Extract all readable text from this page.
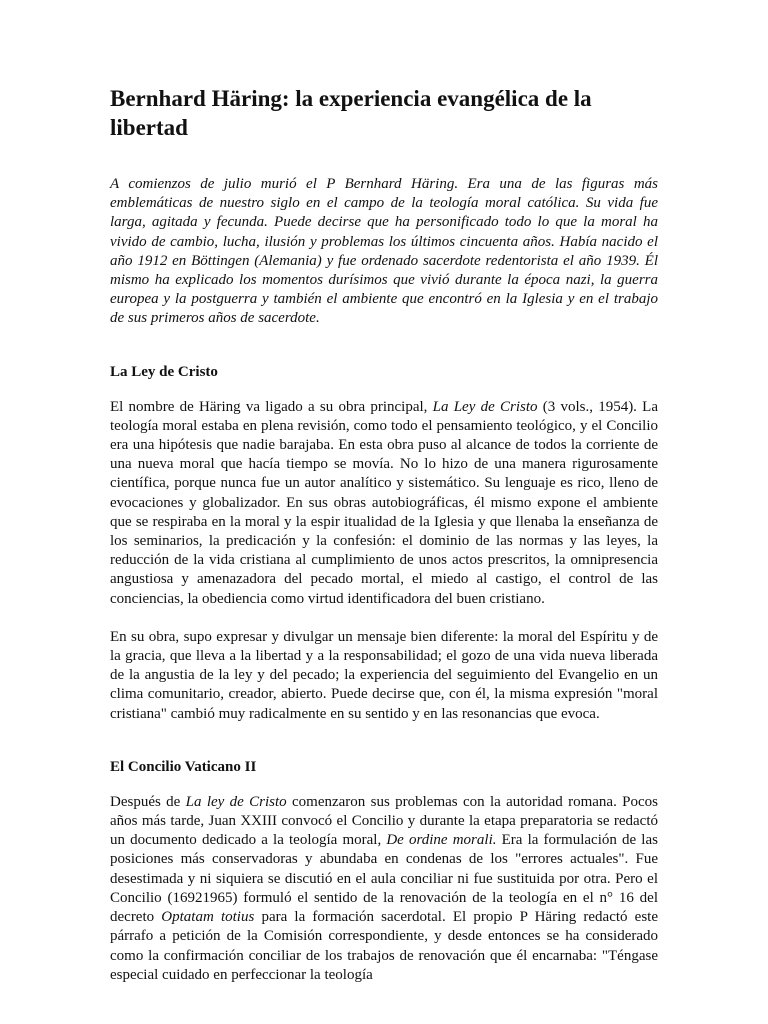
Bernhard Häring: la experiencia evangélica de la libertad

A comienzos de julio murió el P Bernhard Häring. Era una de las figuras más emblemáticas de nuestro siglo en el campo de la teología moral católica. Su vida fue larga, agitada y fecunda. Puede decirse que ha personificado todo lo que la moral ha vivido de cambio, lucha, ilusión y problemas los últimos cincuenta años. Había nacido el año 1912 en Böttingen (Alemania) y fue ordenado sacerdote redentorista el año 1939. Él mismo ha explicado los momentos durísimos que vivió durante la época nazi, la guerra europea y la postguerra y también el ambiente que encontró en la Iglesia y en el trabajo de sus primeros años de sacerdote.

La Ley de Cristo

El nombre de Häring va ligado a su obra principal, La Ley de Cristo (3 vols., 1954). La teología moral estaba en plena revisión, como todo el pensamiento teológico, y el Concilio era una hipótesis que nadie barajaba. En esta obra puso al alcance de todos la corriente de una nueva moral que hacía tiempo se movía. No lo hizo de una manera rigurosamente científica, porque nunca fue un autor analítico y sistemático. Su lenguaje es rico, lleno de evocaciones y globalizador. En sus obras autobiográficas, él mismo expone el ambiente que se respiraba en la moral y la espir itualidad de la Iglesia y que llenaba la enseñanza de los seminarios, la predicación y la confesión: el dominio de las normas y las leyes, la reducción de la vida cristiana al cumplimiento de unos actos prescritos, la omnipresencia angustiosa y amenazadora del pecado mortal, el miedo al castigo, el control de las conciencias, la obediencia como virtud identificadora del buen cristiano.

En su obra, supo expresar y divulgar un mensaje bien diferente: la moral del Espíritu y de la gracia, que lleva a la libertad y a la responsabilidad; el gozo de una vida nueva liberada de la angustia de la ley y del pecado; la experiencia del seguimiento del Evangelio en un clima comunitario, creador, abierto. Puede decirse que, con él, la misma expresión "moral cristiana" cambió muy radicalmente en su sentido y en las resonancias que evoca.

El Concilio Vaticano II

Después de La ley de Cristo comenzaron sus problemas con la autoridad romana. Pocos años más tarde, Juan XXIII convocó el Concilio y durante la etapa preparatoria se redactó un documento dedicado a la teología moral, De ordine morali. Era la formulación de las posiciones más conservadoras y abundaba en condenas de los "errores actuales". Fue desestimada y ni siquiera se discutió en el aula conciliar ni fue sustituida por otra. Pero el Concilio (16921965) formuló el sentido de la renovación de la teología en el n° 16 del decreto Optatam totius para la formación sacerdotal. El propio P Häring redactó este párrafo a petición de la Comisión correspondiente, y desde entonces se ha considerado como la confirmación conciliar de los trabajos de renovación que él encarnaba: "Téngase especial cuidado en perfeccionar la teología
